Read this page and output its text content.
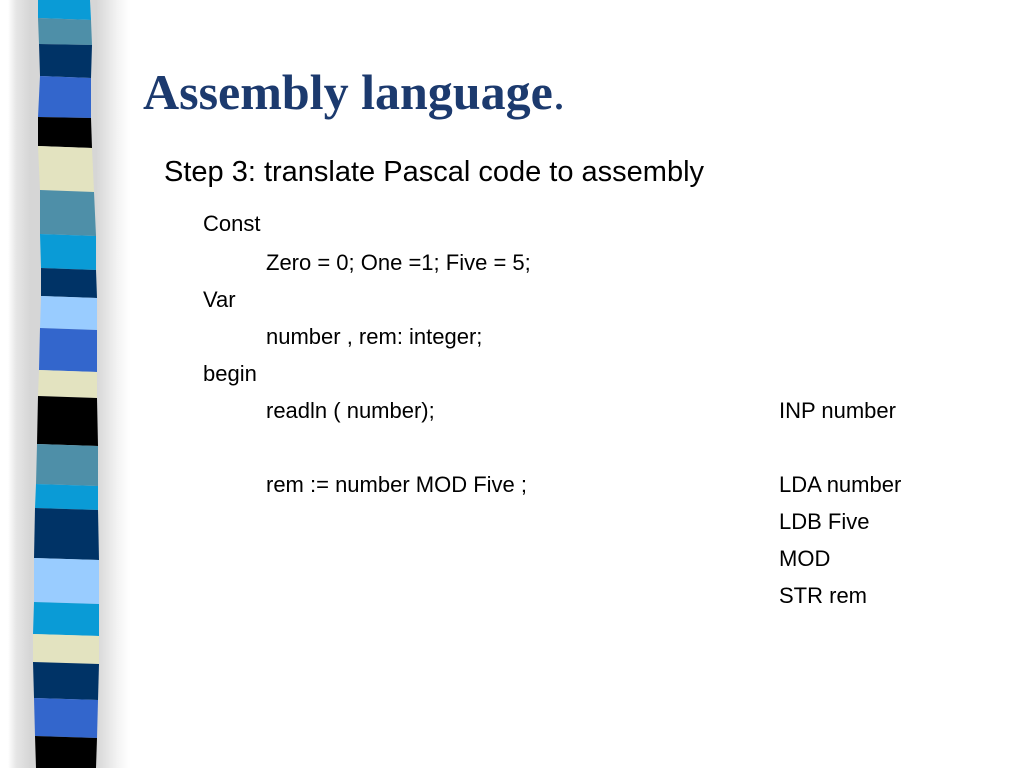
Assembly language.

Step 3: translate Pascal code to assembly

Const

Zero = 0; One =1; Five = 5;

Var

number , rem: integer;

begin

readln ( number);

rem := number MOD Five ;

INP number

LDA number

LDB Five

MOD

STR rem
